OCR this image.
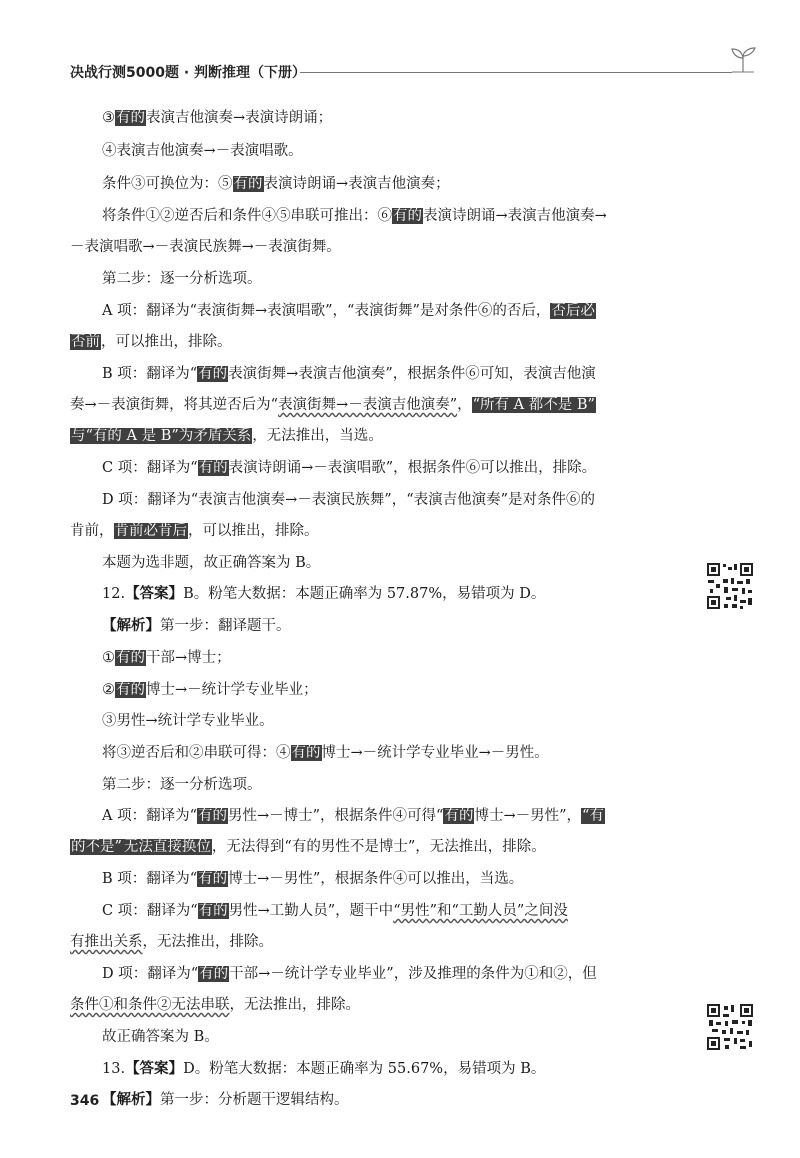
决战行测5000题 · 判断推理（下册）
③有的表演吉他演奏→表演诗朗诵；
④表演吉他演奏→－表演唱歌。
条件③可换位为：⑤有的表演诗朗诵→表演吉他演奏；
将条件①②逆否后和条件④⑤串联可推出：⑥有的表演诗朗诵→表演吉他演奏→
－表演唱歌→－表演民族舞→－表演街舞。
第二步：逐一分析选项。
A 项：翻译为“表演街舞→表演唱歌”，“表演街舞”是对条件⑥的否后，否后必
否前，可以推出，排除。
B 项：翻译为“有的表演街舞→表演吉他演奏”，根据条件⑥可知，表演吉他演
奏→－表演街舞，将其逆否后为“表演街舞→－表演吉他演奏”，“所有 A 都不是 B”
与“有的 A 是 B”为矛盾关系，无法推出，当选。
C 项：翻译为“有的表演诗朗诵→－表演唱歌”，根据条件⑥可以推出，排除。
D 项：翻译为“表演吉他演奏→－表演民族舞”，“表演吉他演奏”是对条件⑥的
肯前，肯前必肯后，可以推出，排除。
本题为选非题，故正确答案为 B。
12.【答案】B。粉笔大数据：本题正确率为 57.87%，易错项为 D。
【解析】第一步：翻译题干。
①有的干部→博士；
②有的博士→－统计学专业毕业；
③男性→统计学专业毕业。
将③逆否后和②串联可得：④有的博士→－统计学专业毕业→－男性。
第二步：逐一分析选项。
A 项：翻译为“有的男性→－博士”，根据条件④可得“有的博士→－男性”，“有
的不是” 无法直接换位，无法得到“有的男性不是博士”，无法推出，排除。
B 项：翻译为“有的博士→－男性”，根据条件④可以推出，当选。
C 项：翻译为“有的男性→工勤人员”，题干中“男性”和“工勤人员”之间没
有推出关系，无法推出，排除。
D 项：翻译为“有的干部→－统计学专业毕业”，涉及推理的条件为①和②，但
条件①和条件②无法串联，无法推出，排除。
故正确答案为 B。
13.【答案】D。粉笔大数据：本题正确率为 55.67%，易错项为 B。
【解析】第一步：分析题干逻辑结构。
346
